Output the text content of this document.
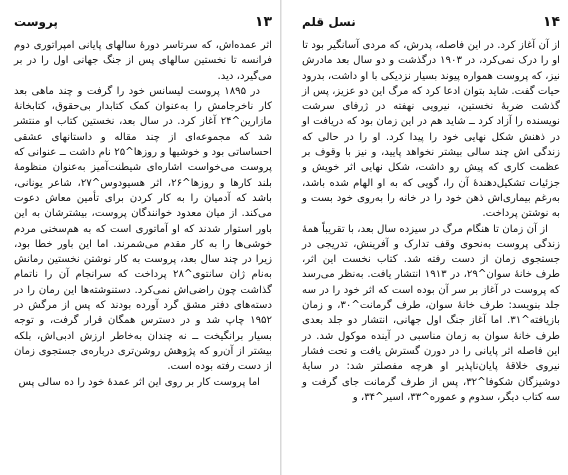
۱۳
پروست

اثر عمده‌اش، که سرتاسر دورهٔ سالهای پایانی امپراتوری دوم فرانسه تا نخستین سالهای پس از جنگ جهانی اول را در بر می‌گیرد، دید.

در ۱۸۹۵ پروست لیسانس خود را گرفت و چند ماهی بعد کار ناخرجامش را به‌عنوان کمک کتابدار بی‌حقوق، کتابخانهٔ مازارین^۲۴ آغاز کرد. در سال بعد، نخستین کتاب او منتشر شد که مجموعه‌ای از چند مقاله و داستانهای عشقی احساساتی بود و خوشیها و روزها^۲۵ نام داشت ــ عنوانی که پروست می‌خواست اشاره‌ای شیطنت‌آمیز به‌عنوان منظومهٔ بلند کارها و روزها^۲۶، اثر هسیودوس^۲۷، شاعر یونانی، باشد که آدمیان را به کار کردن برای تأمین معاش دعوت می‌کند. از میان معدود خوانندگان پروست، بیشترشان به این باور استوار شدند که او آماتوری است که به هم‌سخنی مردم خوشی‌ها را به کار مقدم می‌شمرند. اما این باور خطا بود، زیرا در چند سال بعد، پروست به کار نوشتن نخستین رمانش به‌نام ژان سانتوی^۲۸ پرداخت که سرانجام آن را ناتمام گذاشت چون راضی‌اش نمی‌کرد. دستنوشته‌ها این رمان را در دسته‌های دفتر مشق گرد آورده بودند که پس از مرگش در ۱۹۵۲ چاپ شد و در دسترس همگان قرار گرفت، و توجه بسیار برانگیخت ــ نه چندان به‌خاطر ارزش ادبی‌اش، بلکه بیشتر از آن‌رو که پژوهش روشن‌تری درباره‌ی جستجوی زمان از دست رفته بوده است.

اما پروست کار بر روی این اثر عمدهٔ خود را ده سالی پس

۱۴
نسل قلم

از آن آغاز کرد. در این فاصله، پدرش، که مردی آسانگیر بود تا او را درک نمی‌کرد، در ۱۹۰۳ درگذشت و دو سال بعد مادرش نیز، که پروست همواره پیوند بسیار نزدیکی با او داشت، بدرود حیات گفت. شاید بتوان ادعا کرد که مرگ این دو عزیز، پس از گذشت ضربهٔ نخستین، نیرویی نهفته در ژرفای سرشت نویسنده را آزاد کرد ــ شاید هم در این زمان بود که دریافت او در ذهنش شکل نهایی خود را پیدا کرد. او را در حالی که زندگی اش چند سالی بیشتر نخواهد پایید، و نیز با وقوف بر عظمت کاری که پیش رو داشت، شکل نهایی اثر خویش و جزئیات تشکیل‌دهندهٔ آن را، گویی که به او الهام شده باشد، به‌رغم بیماری‌اش ذهن خود را در خانه را به‌روی خود بست و به نوشتن پرداخت.

از آن زمان تا هنگام مرگ در سیزده سال بعد، با تقریباً همهٔ زندگی پروست به‌نحوی وقف تدارک و آفرینش، تدریجی در جستجوی زمان از دست رفته شد. کتاب نخست این اثر، طرف خانهٔ سوان^۲۹، در ۱۹۱۳ انتشار یافت. به‌نظر می‌رسد که پروست در آغاز بر سر آن بوده است که اثر خود را در سه جلد بنویسد: طرف خانهٔ سوان، طرف گرمانت^۳۰، و زمان بازیافته^۳۱. اما آغاز جنگ اول جهانی، انتشار دو جلد بعدی طرف خانهٔ سوان به زمان مناسبی در آینده موکول شد. در این فاصله اثر پایانی را در دورن گسترش یافت و تحت فشار نیروی خلاقهٔ پایان‌ناپذیر او هرچه مفصلتر شد: در سایهٔ دوشیزگان شکوفا^۳۲، پس از طرف گرمانت جای گرفت و سه کتاب دیگر، سدوم و عموره^۳۳، اسیر^۳۴، و
